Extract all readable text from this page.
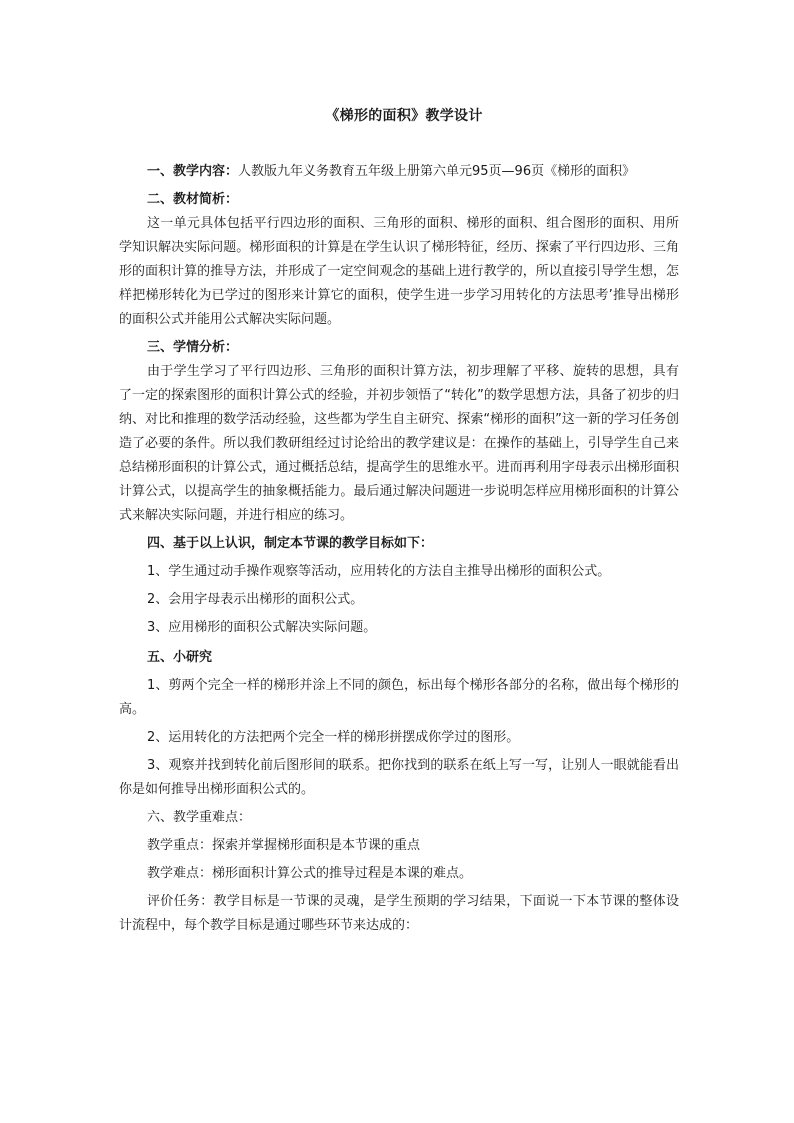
《梯形的面积》教学设计

一、教学内容：人教版九年义务教育五年级上册第六单元95页—96页《梯形的面积》

二、教材简析：

这一单元具体包括平行四边形的面积、三角形的面积、梯形的面积、组合图形的面积、用所学知识解决实际问题。梯形面积的计算是在学生认识了梯形特征，经历、探索了平行四边形、三角形的面积计算的推导方法，并形成了一定空间观念的基础上进行教学的，所以直接引导学生想，怎样把梯形转化为已学过的图形来计算它的面积，使学生进一步学习用转化的方法思考’推导出梯形的面积公式并能用公式解决实际问题。

三、学情分析：

由于学生学习了平行四边形、三角形的面积计算方法，初步理解了平移、旋转的思想，具有了一定的探索图形的面积计算公式的经验，并初步领悟了“转化”的数学思想方法，具备了初步的归纳、对比和推理的数学活动经验，这些都为学生自主研究、探索“梯形的面积”这一新的学习任务创造了必要的条件。所以我们教研组经过讨论给出的教学建议是：在操作的基础上，引导学生自己来总结梯形面积的计算公式，通过概括总结，提高学生的思维水平。进而再利用字母表示出梯形面积计算公式，以提高学生的抽象概括能力。最后通过解决问题进一步说明怎样应用梯形面积的计算公式来解决实际问题，并进行相应的练习。

四、基于以上认识，制定本节课的教学目标如下：

1、学生通过动手操作观察等活动，应用转化的方法自主推导出梯形的面积公式。

2、会用字母表示出梯形的面积公式。

3、应用梯形的面积公式解决实际问题。

五、小研究

1、剪两个完全一样的梯形并涂上不同的颜色，标出每个梯形各部分的名称，做出每个梯形的高。

2、运用转化的方法把两个完全一样的梯形拼摆成你学过的图形。

3、观察并找到转化前后图形间的联系。把你找到的联系在纸上写一写，让别人一眼就能看出你是如何推导出梯形面积公式的。

六、教学重难点：

教学重点：探索并掌握梯形面积是本节课的重点

教学难点：梯形面积计算公式的推导过程是本课的难点。

评价任务：教学目标是一节课的灵魂，是学生预期的学习结果，下面说一下本节课的整体设计流程中，每个教学目标是通过哪些环节来达成的：
